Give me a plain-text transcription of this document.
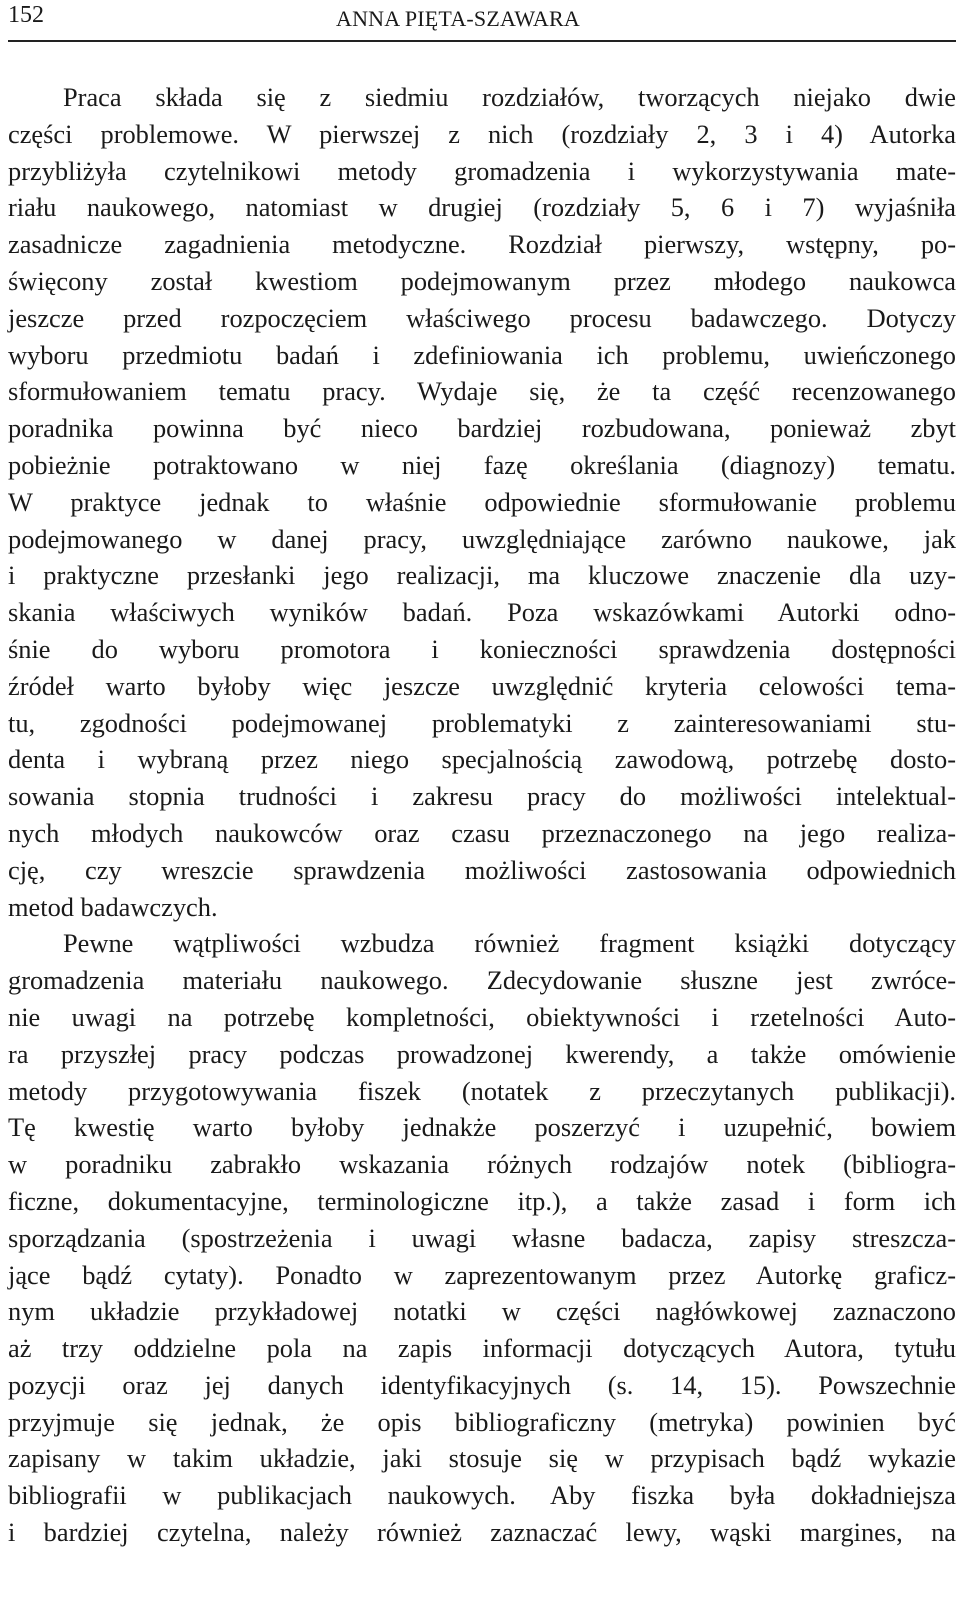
152	ANNA PIĘTA-SZAWARA
Praca składa się z siedmiu rozdziałów, tworzących niejako dwie
części problemowe. W pierwszej z nich (rozdziały 2, 3 i 4) Autorka
przybliżyła czytelnikowi metody gromadzenia i wykorzystywania mate-
riału naukowego, natomiast w drugiej (rozdziały 5, 6 i 7) wyjaśniła
zasadnicze zagadnienia metodyczne. Rozdział pierwszy, wstępny, po-
święcony został kwestiom podejmowanym przez młodego naukowca
jeszcze przed rozpoczęciem właściwego procesu badawczego. Dotyczy
wyboru przedmiotu badań i zdefiniowania ich problemu, uwieńczonego
sformułowaniem tematu pracy. Wydaje się, że ta część recenzowanego
poradnika powinna być nieco bardziej rozbudowana, ponieważ zbyt
pobieżnie potraktowano w niej fazę określania (diagnozy) tematu.
W praktyce jednak to właśnie odpowiednie sformułowanie problemu
podejmowanego w danej pracy, uwzględniające zarówno naukowe, jak
i praktyczne przesłanki jego realizacji, ma kluczowe znaczenie dla uzy-
skania właściwych wyników badań. Poza wskazówkami Autorki odno-
śnie do wyboru promotora i konieczności sprawdzenia dostępności
źródeł warto byłoby więc jeszcze uwzględnić kryteria celowości tema-
tu, zgodności podejmowanej problematyki z zainteresowaniami stu-
denta i wybraną przez niego specjalnością zawodową, potrzebę dosto-
sowania stopnia trudności i zakresu pracy do możliwości intelektual-
nych młodych naukowców oraz czasu przeznaczonego na jego realiza-
cję, czy wreszcie sprawdzenia możliwości zastosowania odpowiednich
metod badawczych.
Pewne wątpliwości wzbudza również fragment książki dotyczący
gromadzenia materiału naukowego. Zdecydowanie słuszne jest zwróce-
nie uwagi na potrzebę kompletności, obiektywności i rzetelności Auto-
ra przyszłej pracy podczas prowadzonej kwerendy, a także omówienie
metody przygotowywania fiszek (notatek z przeczytanych publikacji).
Tę kwestię warto byłoby jednakże poszerzyć i uzupełnić, bowiem
w poradniku zabrakło wskazania różnych rodzajów notek (bibliogra-
ficzne, dokumentacyjne, terminologiczne itp.), a także zasad i form ich
sporządzania (spostrzeżenia i uwagi własne badacza, zapisy streszcza-
jące bądź cytaty). Ponadto w zaprezentowanym przez Autorkę graficz-
nym układzie przykładowej notatki w części nagłówkowej zaznaczono
aż trzy oddzielne pola na zapis informacji dotyczących Autora, tytułu
pozycji oraz jej danych identyfikacyjnych (s. 14, 15). Powszechnie
przyjmuje się jednak, że opis bibliograficzny (metryka) powinien być
zapisany w takim układzie, jaki stosuje się w przypisach bądź wykazie
bibliografii w publikacjach naukowych. Aby fiszka była dokładniejsza
i bardziej czytelna, należy również zaznaczać lewy, wąski margines, na
